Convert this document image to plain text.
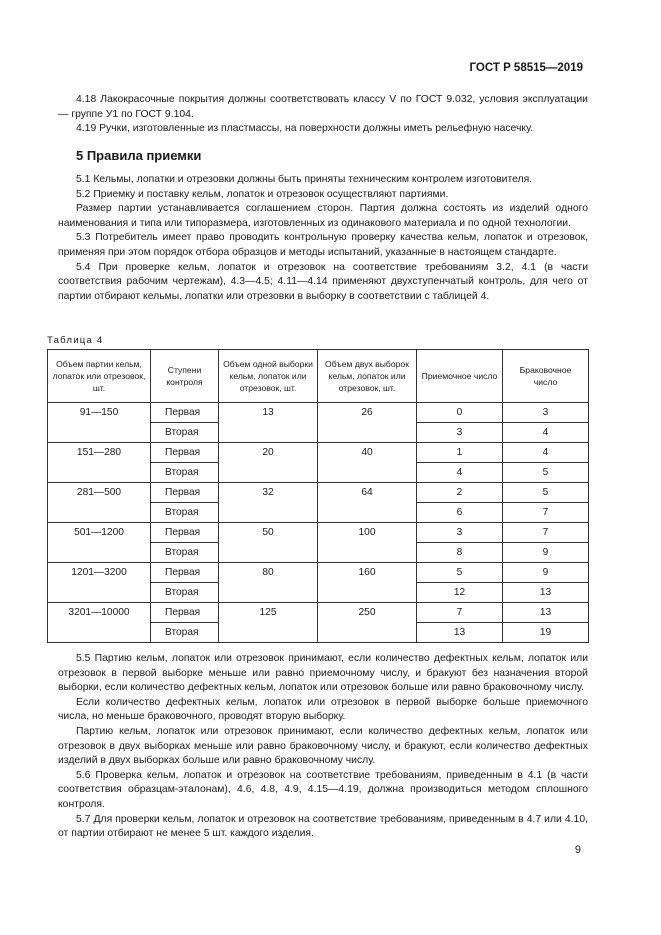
ГОСТ Р 58515—2019

4.18 Лакокрасочные покрытия должны соответствовать классу V по ГОСТ 9.032, условия эксплуатации — группе У1 по ГОСТ 9.104.

4.19 Ручки, изготовленные из пластмассы, на поверхности должны иметь рельефную насечку.

5 Правила приемки

5.1 Кельмы, лопатки и отрезовки должны быть приняты техническим контролем изготовителя.

5.2 Приемку и поставку кельм, лопаток и отрезовок осуществляют партиями.

Размер партии устанавливается соглашением сторон. Партия должна состоять из изделий одного наименования и типа или типоразмера, изготовленных из одинакового материала и по одной технологии.

5.3 Потребитель имеет право проводить контрольную проверку качества кельм, лопаток и отрезовок, применяя при этом порядок отбора образцов и методы испытаний, указанные в настоящем стандарте.

5.4 При проверке кельм, лопаток и отрезовок на соответствие требованиям 3.2, 4.1 (в части соответствия рабочим чертежам), 4.3—4.5; 4.11—4.14 применяют двухступенчатый контроль, для чего от партии отбирают кельмы, лопатки или отрезовки в выборку в соответствии с таблицей 4.

Таблица 4
Объем партии кельм, лопаток или отрезовок, шт.	Ступени контроля	Объем одной выборки кельм, лопаток или отрезовок, шт.	Объем двух выборок кельм, лопаток или отрезовок, шт.	Приемочное число	Браковочное число
91—150	Первая	13	26	0	3
	Вторая			3	4
151—280	Первая	20	40	1	4
	Вторая			4	5
281—500	Первая	32	64	2	5
	Вторая			6	7
501—1200	Первая	50	100	3	7
	Вторая			8	9
1201—3200	Первая	80	160	5	9
	Вторая			12	13
3201—10000	Первая	125	250	7	13
	Вторая			13	19

5.5 Партию кельм, лопаток или отрезовок принимают, если количество дефектных кельм, лопаток или отрезовок в первой выборке меньше или равно приемочному числу, и бракуют без назначения второй выборки, если количество дефектных кельм, лопаток или отрезовок больше или равно браковочному числу.

Если количество дефектных кельм, лопаток или отрезовок в первой выборке больше приемочного числа, но меньше браковочного, проводят вторую выборку.

Партию кельм, лопаток или отрезовок принимают, если количество дефектных кельм, лопаток или отрезовок в двух выборках меньше или равно браковочному числу, и бракуют, если количество дефектных изделий в двух выборках больше или равно браковочному числу.

5.6 Проверка кельм, лопаток и отрезовок на соответствие требованиям, приведенным в 4.1 (в части соответствия образцам-эталонам), 4.6, 4.8, 4.9, 4.15—4.19, должна производиться методом сплошного контроля.

5.7 Для проверки кельм, лопаток и отрезовок на соответствие требованиям, приведенным в 4.7 или 4.10, от партии отбирают не менее 5 шт. каждого изделия.

9
